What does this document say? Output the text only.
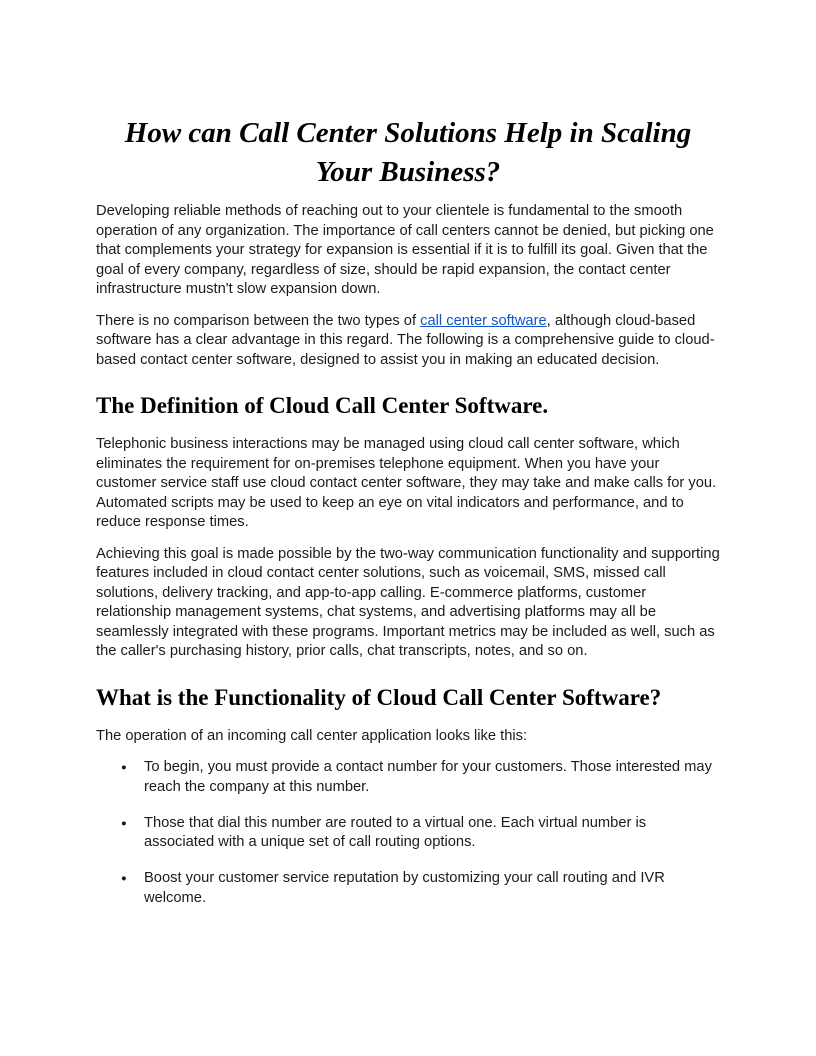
How can Call Center Solutions Help in Scaling Your Business?

Developing reliable methods of reaching out to your clientele is fundamental to the smooth operation of any organization. The importance of call centers cannot be denied, but picking one that complements your strategy for expansion is essential if it is to fulfill its goal. Given that the goal of every company, regardless of size, should be rapid expansion, the contact center infrastructure mustn't slow expansion down.

There is no comparison between the two types of call center software, although cloud-based software has a clear advantage in this regard. The following is a comprehensive guide to cloud-based contact center software, designed to assist you in making an educated decision.

The Definition of Cloud Call Center Software.

Telephonic business interactions may be managed using cloud call center software, which eliminates the requirement for on-premises telephone equipment. When you have your customer service staff use cloud contact center software, they may take and make calls for you. Automated scripts may be used to keep an eye on vital indicators and performance, and to reduce response times.

Achieving this goal is made possible by the two-way communication functionality and supporting features included in cloud contact center solutions, such as voicemail, SMS, missed call solutions, delivery tracking, and app-to-app calling. E-commerce platforms, customer relationship management systems, chat systems, and advertising platforms may all be seamlessly integrated with these programs. Important metrics may be included as well, such as the caller's purchasing history, prior calls, chat transcripts, notes, and so on.

What is the Functionality of Cloud Call Center Software?

The operation of an incoming call center application looks like this:

● To begin, you must provide a contact number for your customers. Those interested may reach the company at this number.
● Those that dial this number are routed to a virtual one. Each virtual number is associated with a unique set of call routing options.
● Boost your customer service reputation by customizing your call routing and IVR welcome.
